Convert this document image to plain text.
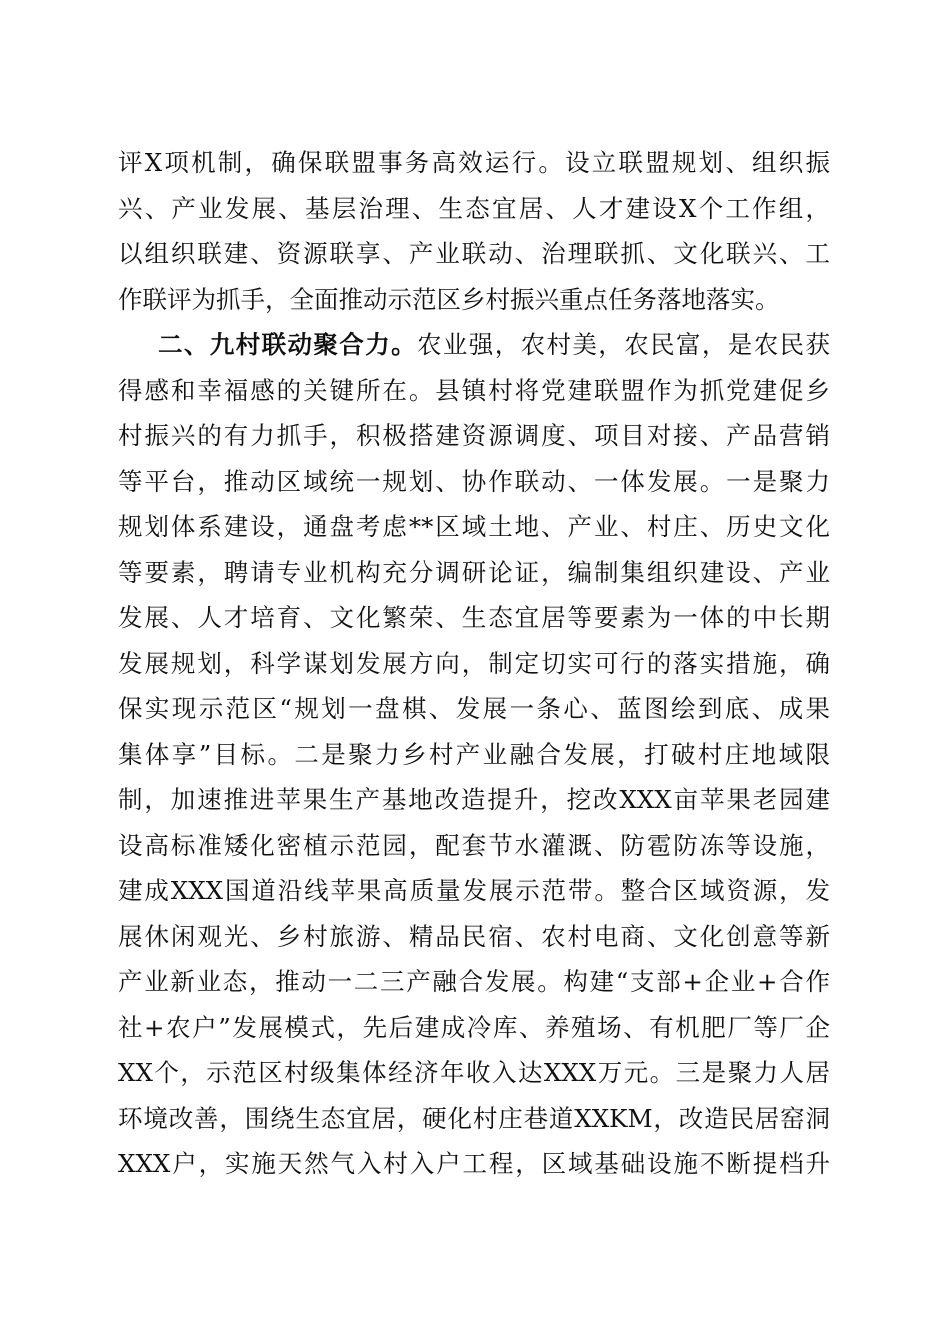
评X项机制，确保联盟事务高效运行。设立联盟规划、组织振
兴、产业发展、基层治理、生态宜居、人才建设X个工作组，
以组织联建、资源联享、产业联动、治理联抓、文化联兴、工
作联评为抓手，全面推动示范区乡村振兴重点任务落地落实。
二、九村联动聚合力。农业强，农村美，农民富，是农民获
得感和幸福感的关键所在。县镇村将党建联盟作为抓党建促乡
村振兴的有力抓手，积极搭建资源调度、项目对接、产品营销
等平台，推动区域统一规划、协作联动、一体发展。一是聚力
规划体系建设，通盘考虑**区域土地、产业、村庄、历史文化
等要素，聘请专业机构充分调研论证，编制集组织建设、产业
发展、人才培育、文化繁荣、生态宜居等要素为一体的中长期
发展规划，科学谋划发展方向，制定切实可行的落实措施，确
保实现示范区“规划一盘棋、发展一条心、蓝图绘到底、成果
集体享”目标。二是聚力乡村产业融合发展，打破村庄地域限
制，加速推进苹果生产基地改造提升，挖改XXX亩苹果老园建
设高标准矮化密植示范园，配套节水灌溉、防雹防冻等设施，
建成XXX国道沿线苹果高质量发展示范带。整合区域资源，发
展休闲观光、乡村旅游、精品民宿、农村电商、文化创意等新
产业新业态，推动一二三产融合发展。构建“支部+企业+合作
社+农户”发展模式，先后建成冷库、养殖场、有机肥厂等厂企
XX个，示范区村级集体经济年收入达XXX万元。三是聚力人居
环境改善，围绕生态宜居，硬化村庄巷道XXKM，改造民居窑洞
XXX户，实施天然气入村入户工程，区域基础设施不断提档升
